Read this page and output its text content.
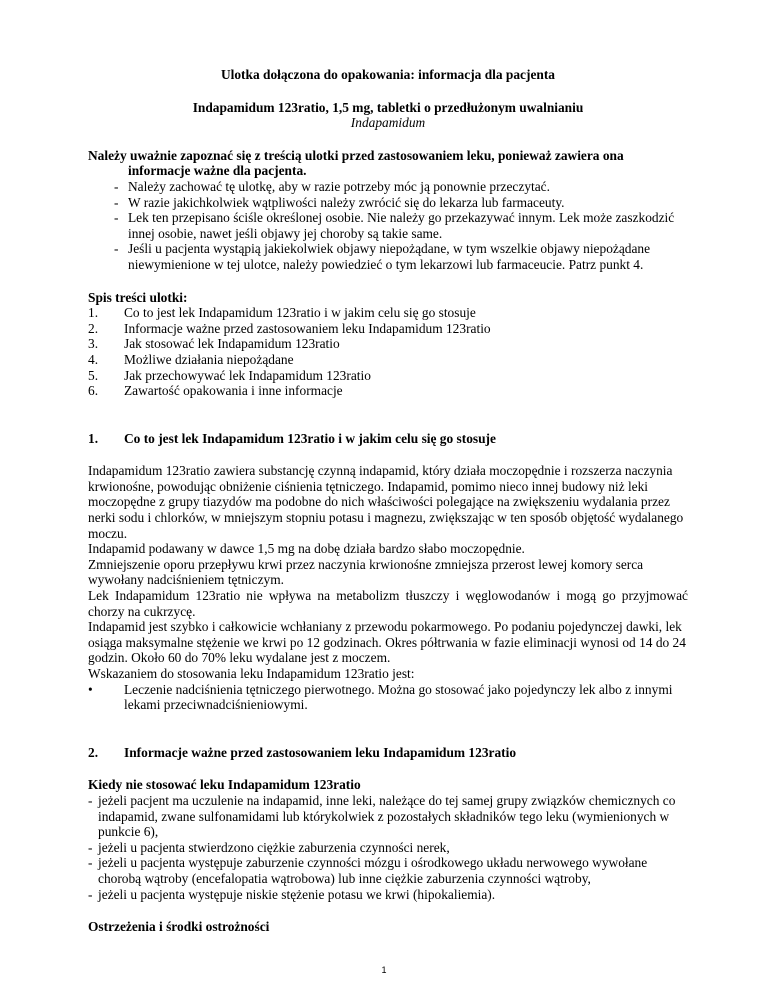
Ulotka dołączona do opakowania: informacja dla pacjenta

Indapamidum 123ratio, 1,5 mg, tabletki o przedłużonym uwalnianiu

Indapamidum

Należy uważnie zapoznać się z treścią ulotki przed zastosowaniem leku, ponieważ zawiera ona informacje ważne dla pacjenta.

- Należy zachować tę ulotkę, aby w razie potrzeby móc ją ponownie przeczytać.
- W razie jakichkolwiek wątpliwości należy zwrócić się do lekarza lub farmaceuty.
- Lek ten przepisano ściśle określonej osobie. Nie należy go przekazywać innym. Lek może zaszkodzić innej osobie, nawet jeśli objawy jej choroby są takie same.
- Jeśli u pacjenta wystąpią jakiekolwiek objawy niepożądane, w tym wszelkie objawy niepożądane niewymienione w tej ulotce, należy powiedzieć o tym lekarzowi lub farmaceucie. Patrz punkt 4.

Spis treści ulotki:

1. Co to jest lek Indapamidum 123ratio i w jakim celu się go stosuje
2. Informacje ważne przed zastosowaniem leku Indapamidum 123ratio
3. Jak stosować lek Indapamidum 123ratio
4. Możliwe działania niepożądane
5. Jak przechowywać lek Indapamidum 123ratio
6. Zawartość opakowania i inne informacje

1. Co to jest lek Indapamidum 123ratio i w jakim celu się go stosuje

Indapamidum 123ratio zawiera substancję czynną indapamid, który działa moczopędnie i rozszerza naczynia krwionośne, powodując obniżenie ciśnienia tętniczego. Indapamid, pomimo nieco innej budowy niż leki moczopędne z grupy tiazydów ma podobne do nich właściwości polegające na zwiększeniu wydalania przez nerki sodu i chlorków, w mniejszym stopniu potasu i magnezu, zwiększając w ten sposób objętość wydalanego moczu.

Indapamid podawany w dawce 1,5 mg na dobę działa bardzo słabo moczopędnie.

Zmniejszenie oporu przepływu krwi przez naczynia krwionośne zmniejsza przerost lewej komory serca wywołany nadciśnieniem tętniczym.

Lek Indapamidum 123ratio nie wpływa na metabolizm tłuszczy i węglowodanów i mogą go przyjmować chorzy na cukrzycę.

Indapamid jest szybko i całkowicie wchłaniany z przewodu pokarmowego. Po podaniu pojedynczej dawki, lek osiąga maksymalne stężenie we krwi po 12 godzinach. Okres półtrwania w fazie eliminacji wynosi od 14 do 24 godzin. Około 60 do 70% leku wydalane jest z moczem.

Wskazaniem do stosowania leku Indapamidum 123ratio jest:

• Leczenie nadciśnienia tętniczego pierwotnego. Można go stosować jako pojedynczy lek albo z innymi lekami przeciwnadciśnieniowymi.

2. Informacje ważne przed zastosowaniem leku Indapamidum 123ratio

Kiedy nie stosować leku Indapamidum 123ratio

- jeżeli pacjent ma uczulenie na indapamid, inne leki, należące do tej samej grupy związków chemicznych co indapamid, zwane sulfonamidami lub którykolwiek z pozostałych składników tego leku (wymienionych w punkcie 6),
- jeżeli u pacjenta stwierdzono ciężkie zaburzenia czynności nerek,
- jeżeli u pacjenta występuje zaburzenie czynności mózgu i ośrodkowego układu nerwowego wywołane chorobą wątroby (encefalopatia wątrobowa) lub inne ciężkie zaburzenia czynności wątroby,
- jeżeli u pacjenta występuje niskie stężenie potasu we krwi (hipokaliemia).

Ostrzeżenia i środki ostrożności

1
